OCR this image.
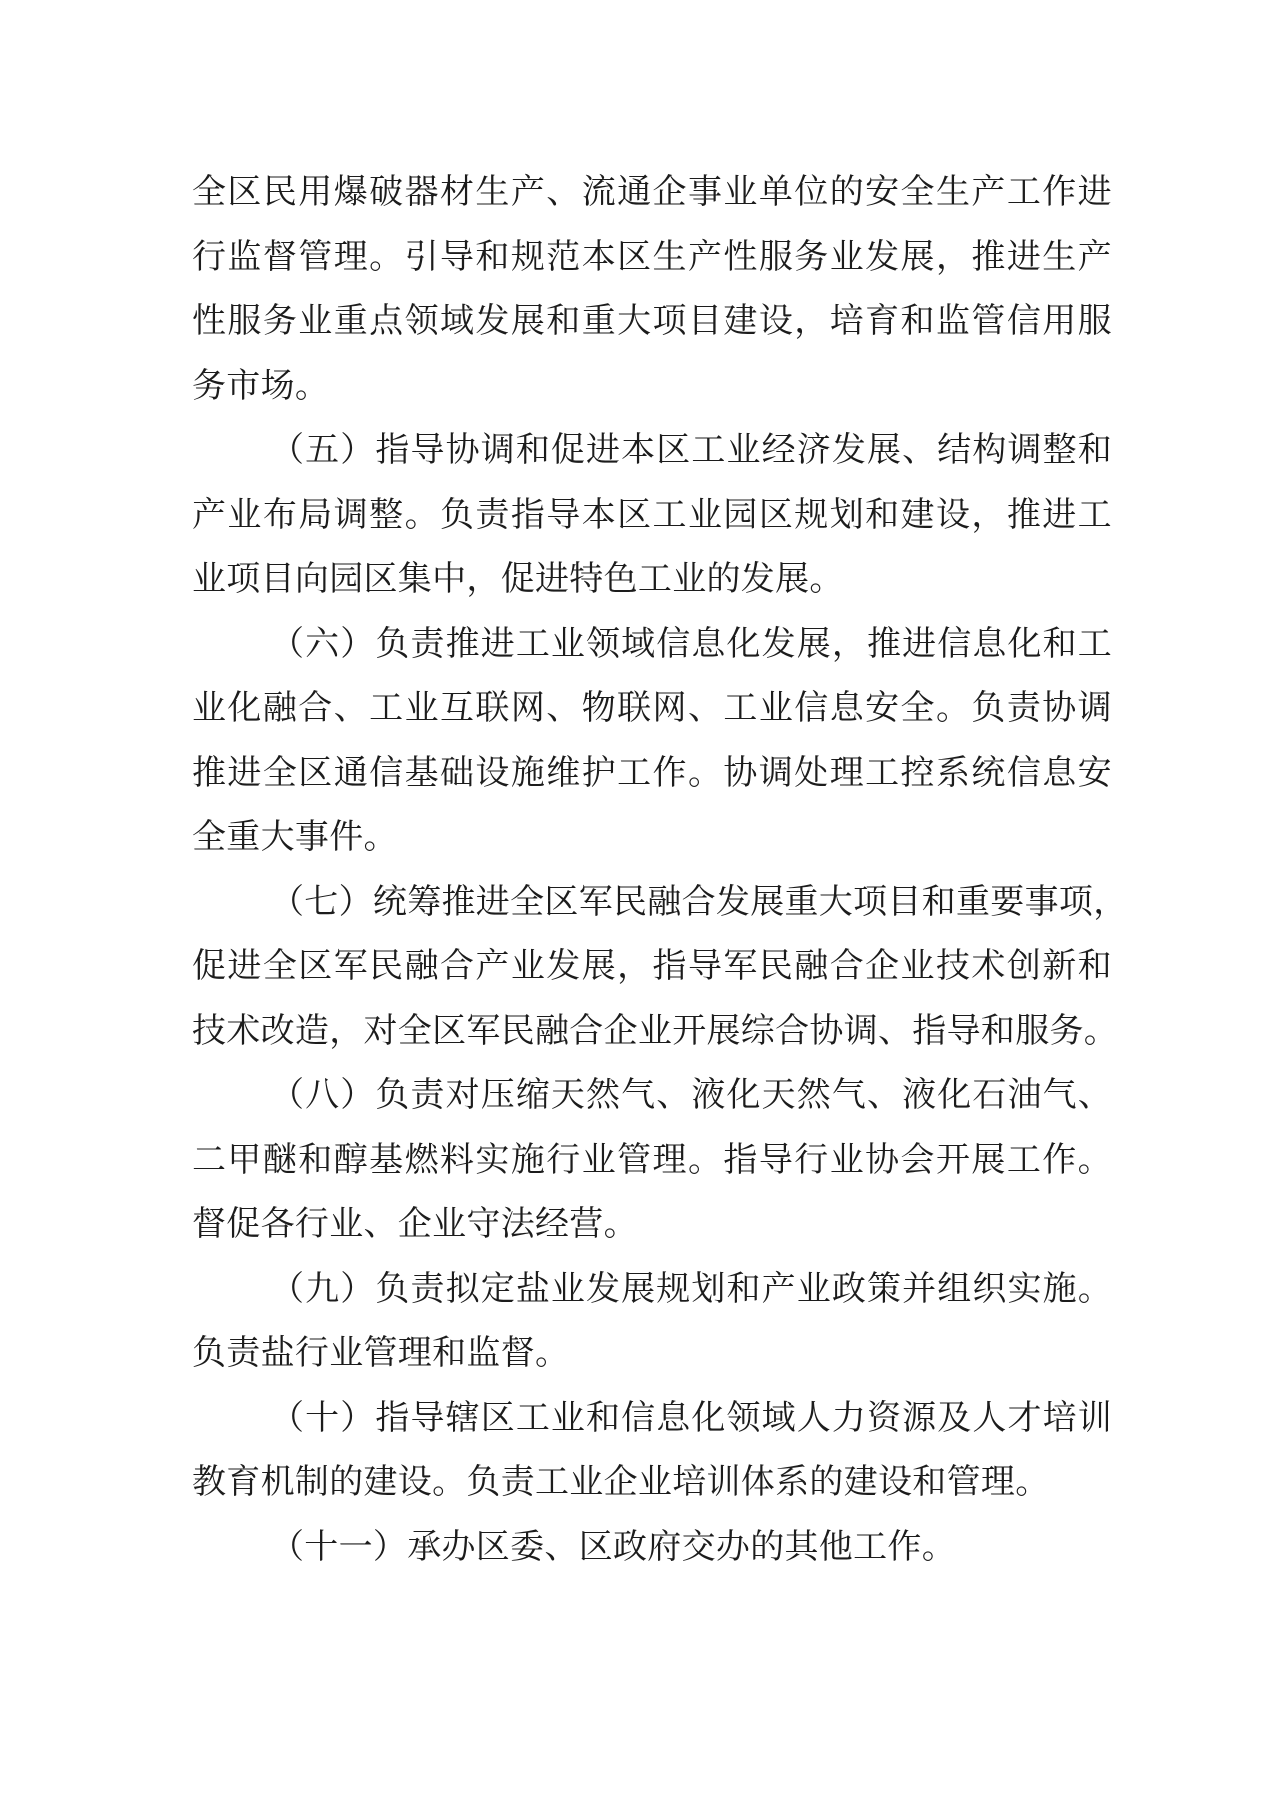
全区民用爆破器材生产、流通企事业单位的安全生产工作进
行监督管理。引导和规范本区生产性服务业发展，推进生产
性服务业重点领域发展和重大项目建设，培育和监管信用服
务市场。
（五）指导协调和促进本区工业经济发展、结构调整和
产业布局调整。负责指导本区工业园区规划和建设，推进工
业项目向园区集中，促进特色工业的发展。
（六）负责推进工业领域信息化发展，推进信息化和工
业化融合、工业互联网、物联网、工业信息安全。负责协调
推进全区通信基础设施维护工作。协调处理工控系统信息安
全重大事件。
（七）统筹推进全区军民融合发展重大项目和重要事项，
促进全区军民融合产业发展，指导军民融合企业技术创新和
技术改造，对全区军民融合企业开展综合协调、指导和服务。
（八）负责对压缩天然气、液化天然气、液化石油气、
二甲醚和醇基燃料实施行业管理。指导行业协会开展工作。
督促各行业、企业守法经营。
（九）负责拟定盐业发展规划和产业政策并组织实施。
负责盐行业管理和监督。
（十）指导辖区工业和信息化领域人力资源及人才培训
教育机制的建设。负责工业企业培训体系的建设和管理。
（十一）承办区委、区政府交办的其他工作。
